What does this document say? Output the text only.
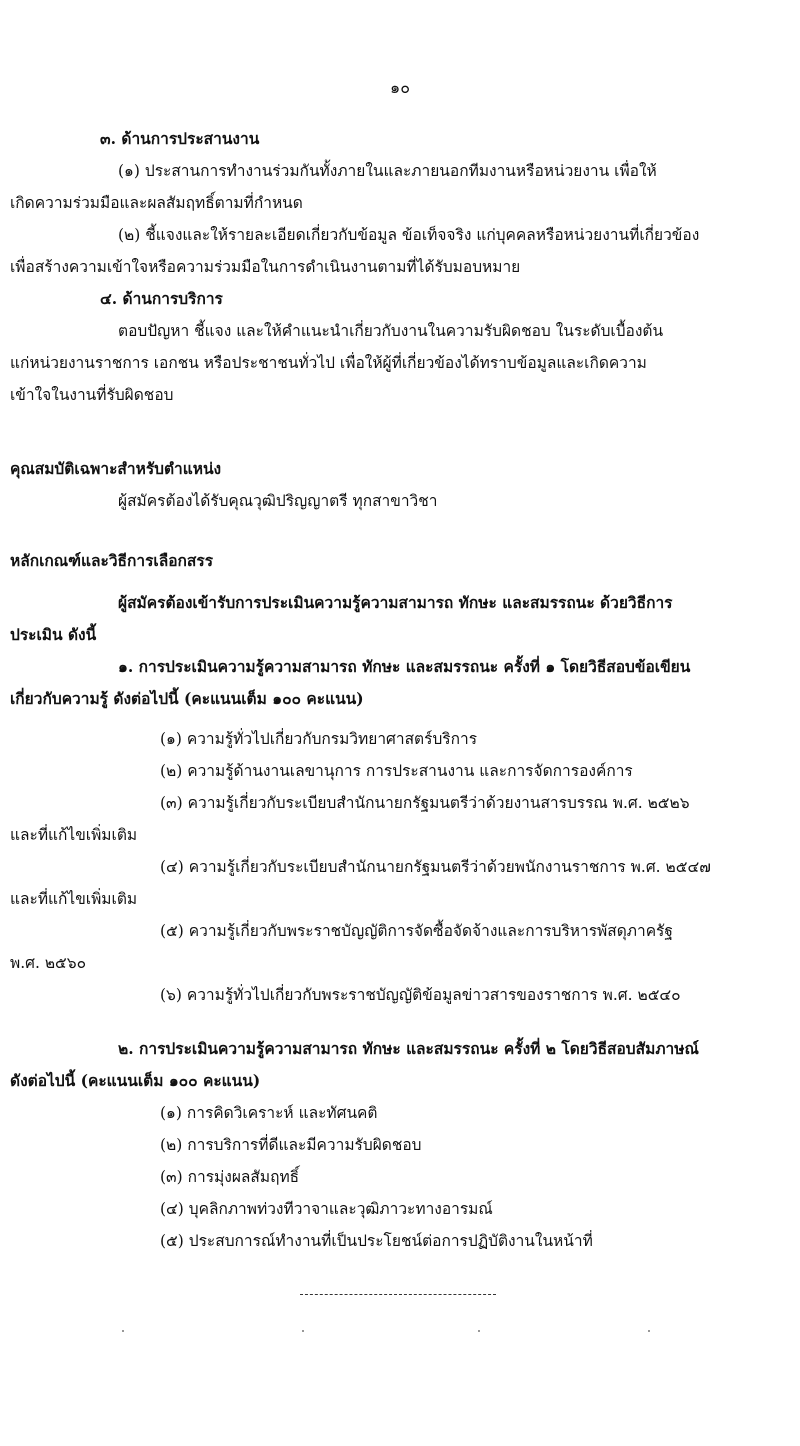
๑๐
๓. ด้านการประสานงาน
(๑) ประสานการทำงานร่วมกันทั้งภายในและภายนอกทีมงานหรือหน่วยงาน เพื่อให้
เกิดความร่วมมือและผลสัมฤทธิ์ตามที่กำหนด
(๒) ชี้แจงและให้รายละเอียดเกี่ยวกับข้อมูล ข้อเท็จจริง แก่บุคคลหรือหน่วยงานที่เกี่ยวข้อง
เพื่อสร้างความเข้าใจหรือความร่วมมือในการดำเนินงานตามที่ได้รับมอบหมาย
๔. ด้านการบริการ
ตอบปัญหา ชี้แจง และให้คำแนะนำเกี่ยวกับงานในความรับผิดชอบ ในระดับเบื้องต้น
แก่หน่วยงานราชการ เอกชน หรือประชาชนทั่วไป เพื่อให้ผู้ที่เกี่ยวข้องได้ทราบข้อมูลและเกิดความ
เข้าใจในงานที่รับผิดชอบ
คุณสมบัติเฉพาะสำหรับตำแหน่ง
ผู้สมัครต้องได้รับคุณวุฒิปริญญาตรี ทุกสาขาวิชา
หลักเกณฑ์และวิธีการเลือกสรร
ผู้สมัครต้องเข้ารับการประเมินความรู้ความสามารถ ทักษะ และสมรรถนะ ด้วยวิธีการ
ประเมิน ดังนี้
๑. การประเมินความรู้ความสามารถ ทักษะ และสมรรถนะ ครั้งที่ ๑ โดยวิธีสอบข้อเขียน
เกี่ยวกับความรู้ ดังต่อไปนี้ (คะแนนเต็ม ๑๐๐ คะแนน)
(๑) ความรู้ทั่วไปเกี่ยวกับกรมวิทยาศาสตร์บริการ
(๒) ความรู้ด้านงานเลขานุการ การประสานงาน และการจัดการองค์การ
(๓) ความรู้เกี่ยวกับระเบียบสำนักนายกรัฐมนตรีว่าด้วยงานสารบรรณ พ.ศ. ๒๕๒๖
และที่แก้ไขเพิ่มเติม
(๔) ความรู้เกี่ยวกับระเบียบสำนักนายกรัฐมนตรีว่าด้วยพนักงานราชการ พ.ศ. ๒๕๔๗
และที่แก้ไขเพิ่มเติม
(๕) ความรู้เกี่ยวกับพระราชบัญญัติการจัดซื้อจัดจ้างและการบริหารพัสดุภาครัฐ
พ.ศ. ๒๕๖๐
(๖) ความรู้ทั่วไปเกี่ยวกับพระราชบัญญัติข้อมูลข่าวสารของราชการ พ.ศ. ๒๕๔๐
๒. การประเมินความรู้ความสามารถ ทักษะ และสมรรถนะ ครั้งที่ ๒ โดยวิธีสอบสัมภาษณ์
ดังต่อไปนี้ (คะแนนเต็ม ๑๐๐ คะแนน)
(๑) การคิดวิเคราะห์ และทัศนคติ
(๒) การบริการที่ดีและมีความรับผิดชอบ
(๓) การมุ่งผลสัมฤทธิ์
(๔) บุคลิกภาพท่วงทีวาจาและวุฒิภาวะทางอารมณ์
(๕) ประสบการณ์ทำงานที่เป็นประโยชน์ต่อการปฏิบัติงานในหน้าที่
